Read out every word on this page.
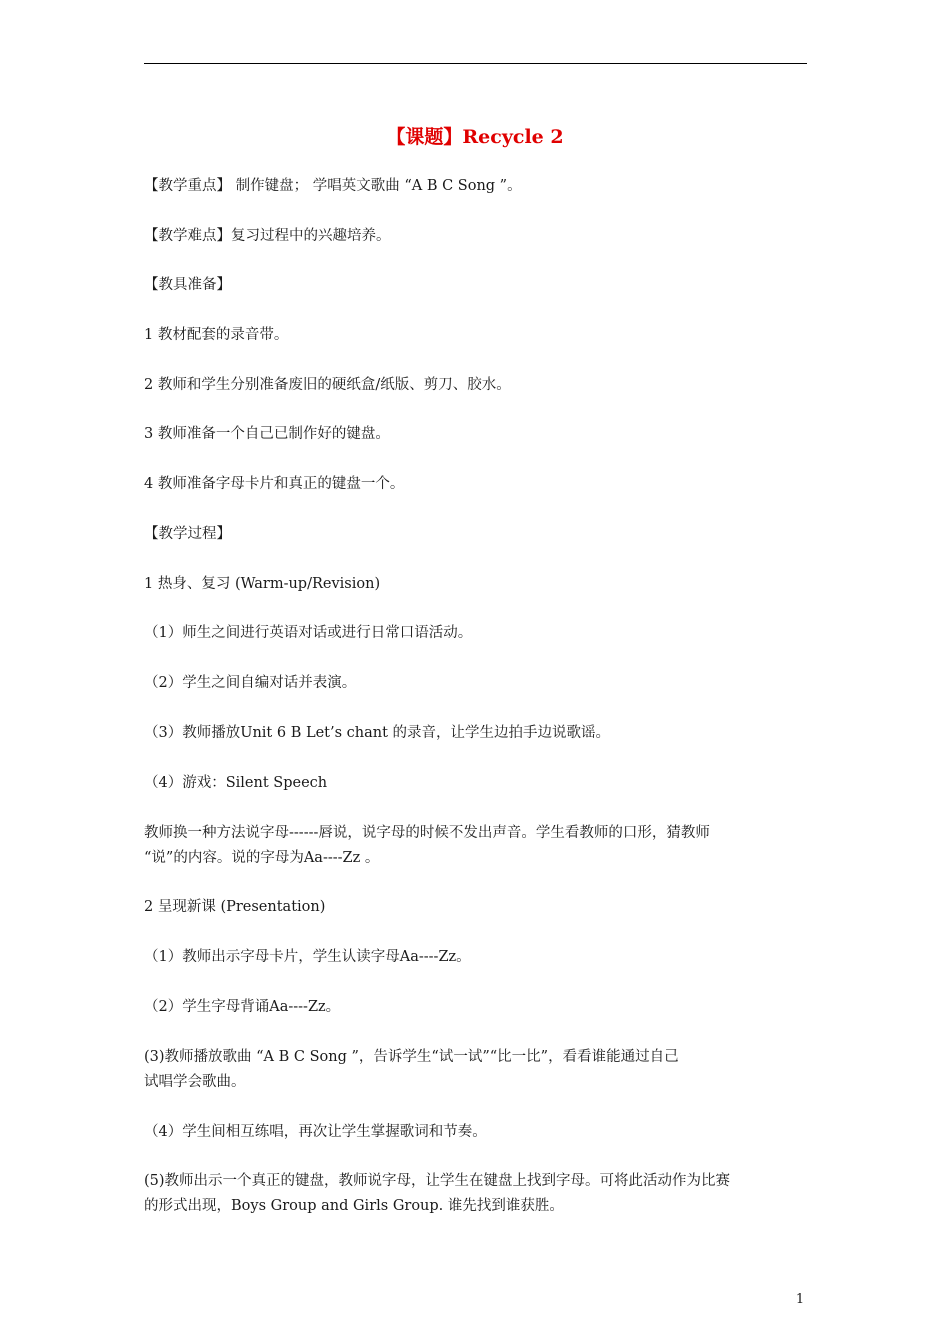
【课题】Recycle 2
【教学重点】 制作键盘； 学唱英文歌曲 “A B C Song ”。
【教学难点】复习过程中的兴趣培养。
【教具准备】
1 教材配套的录音带。
2 教师和学生分别准备废旧的硬纸盒/纸版、剪刀、胶水。
3 教师准备一个自己已制作好的键盘。
4 教师准备字母卡片和真正的键盘一个。
【教学过程】
1 热身、复习 (Warm-up/Revision)
（1）师生之间进行英语对话或进行日常口语活动。
（2）学生之间自编对话并表演。
（3）教师播放Unit 6 B Let’s chant 的录音，让学生边拍手边说歌谣。
（4）游戏：Silent Speech
教师换一种方法说字母------唇说，说字母的时候不发出声音。学生看教师的口形，猜教师
“说”的内容。说的字母为Aa----Zz 。
2 呈现新课 (Presentation)
（1）教师出示字母卡片，学生认读字母Aa----Zz。
（2）学生字母背诵Aa----Zz。
(3)教师播放歌曲 “A B C Song ”，告诉学生“试一试”“比一比”，看看谁能通过自己
试唱学会歌曲。
（4）学生间相互练唱，再次让学生掌握歌词和节奏。
(5)教师出示一个真正的键盘，教师说字母，让学生在键盘上找到字母。可将此活动作为比赛
的形式出现，Boys Group and Girls Group. 谁先找到谁获胜。
1
